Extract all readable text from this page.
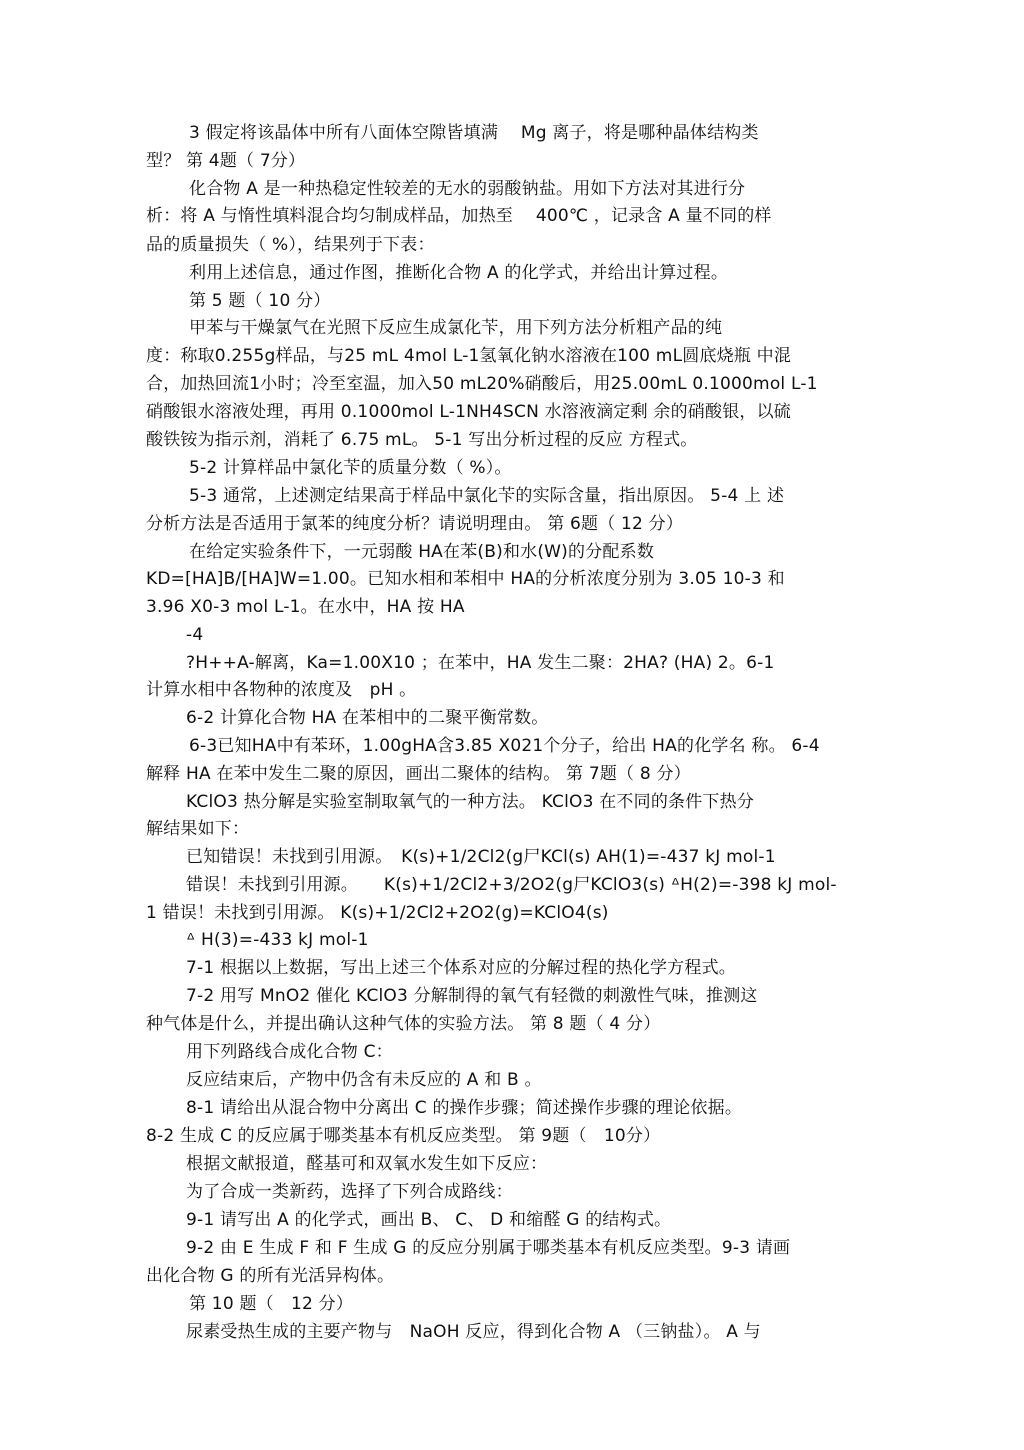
3 假定将该晶体中所有八面体空隙皆填满　 Mg 离子，将是哪种晶体结构类

型？ 第 4题（ 7分）

化合物 A 是一种热稳定性较差的无水的弱酸钠盐。用如下方法对其进行分

析：将 A 与惰性填料混合均匀制成样品，加热至　 400℃ ，记录含 A 量不同的样

品的质量损失（ %），结果列于下表：

利用上述信息，通过作图，推断化合物 A 的化学式，并给出计算过程。

第 5 题（ 10 分）

甲苯与干燥氯气在光照下反应生成氯化苄，用下列方法分析粗产品的纯

度：称取0.255g样品，与25 mL 4mol L-1氢氧化钠水溶液在100 mL圆底烧瓶 中混

合，加热回流1小时；冷至室温，加入50 mL20%硝酸后，用25.00mL 0.1000mol L-1

硝酸银水溶液处理，再用 0.1000mol L-1NH4SCN 水溶液滴定剩 余的硝酸银，以硫

酸铁铵为指示剂，消耗了 6.75 mL。 5-1 写出分析过程的反应 方程式。

5-2 计算样品中氯化苄的质量分数（ %）。

5-3 通常，上述测定结果高于样品中氯化苄的实际含量，指出原因。 5-4 上 述

分析方法是否适用于氯苯的纯度分析？请说明理由。 第 6题（ 12 分）

在给定实验条件下，一元弱酸 HA在苯(B)和水(W)的分配系数

KD=[HA]B/[HA]W=1.00。已知水相和苯相中 HA的分析浓度分别为 3.05 10-3 和

3.96 X0-3 mol L-1。在水中，HA 按 HA

-4

?H++A-解离，Ka=1.00X10 ；在苯中，HA 发生二聚：2HA? (HA) 2。6-1

计算水相中各物种的浓度及　pH 。

6-2 计算化合物 HA 在苯相中的二聚平衡常数。

6-3已知HA中有苯环，1.00gHA含3.85 X021个分子，给出 HA的化学名 称。 6-4

解释 HA 在苯中发生二聚的原因，画出二聚体的结构。 第 7题（ 8 分）

KClO3 热分解是实验室制取氧气的一种方法。 KClO3 在不同的条件下热分

解结果如下：

已知错误！未找到引用源。　K(s)+1/2Cl2(g尸KCl(s) AH(1)=-437 kJ mol-1

错误！未找到引用源。　　K(s)+1/2Cl2+3/2O2(g尸KClO3(s) ᐞH(2)=-398 kJ mol-

1 错误！未找到引用源。 K(s)+1/2Cl2+2O2(g)=KClO4(s)

ᐞ H(3)=-433 kJ mol-1

7-1 根据以上数据，写出上述三个体系对应的分解过程的热化学方程式。

7-2 用写 MnO2 催化 KClO3 分解制得的氧气有轻微的刺激性气味，推测这

种气体是什么，并提出确认这种气体的实验方法。 第 8 题（ 4 分）

用下列路线合成化合物 C：

反应结束后，产物中仍含有未反应的 A 和 B 。

8-1 请给出从混合物中分离出 C 的操作步骤；简述操作步骤的理论依据。

8-2 生成 C 的反应属于哪类基本有机反应类型。 第 9题（　10分）

根据文献报道，醛基可和双氧水发生如下反应：

为了合成一类新药，选择了下列合成路线：

9-1 请写出 A 的化学式，画出 B、 C、 D 和缩醛 G 的结构式。

9-2 由 E 生成 F 和 F 生成 G 的反应分别属于哪类基本有机反应类型。9-3 请画

出化合物 G 的所有光活异构体。

第 10 题（　12 分）

尿素受热生成的主要产物与　NaOH 反应，得到化合物 A （三钠盐）。 A 与
